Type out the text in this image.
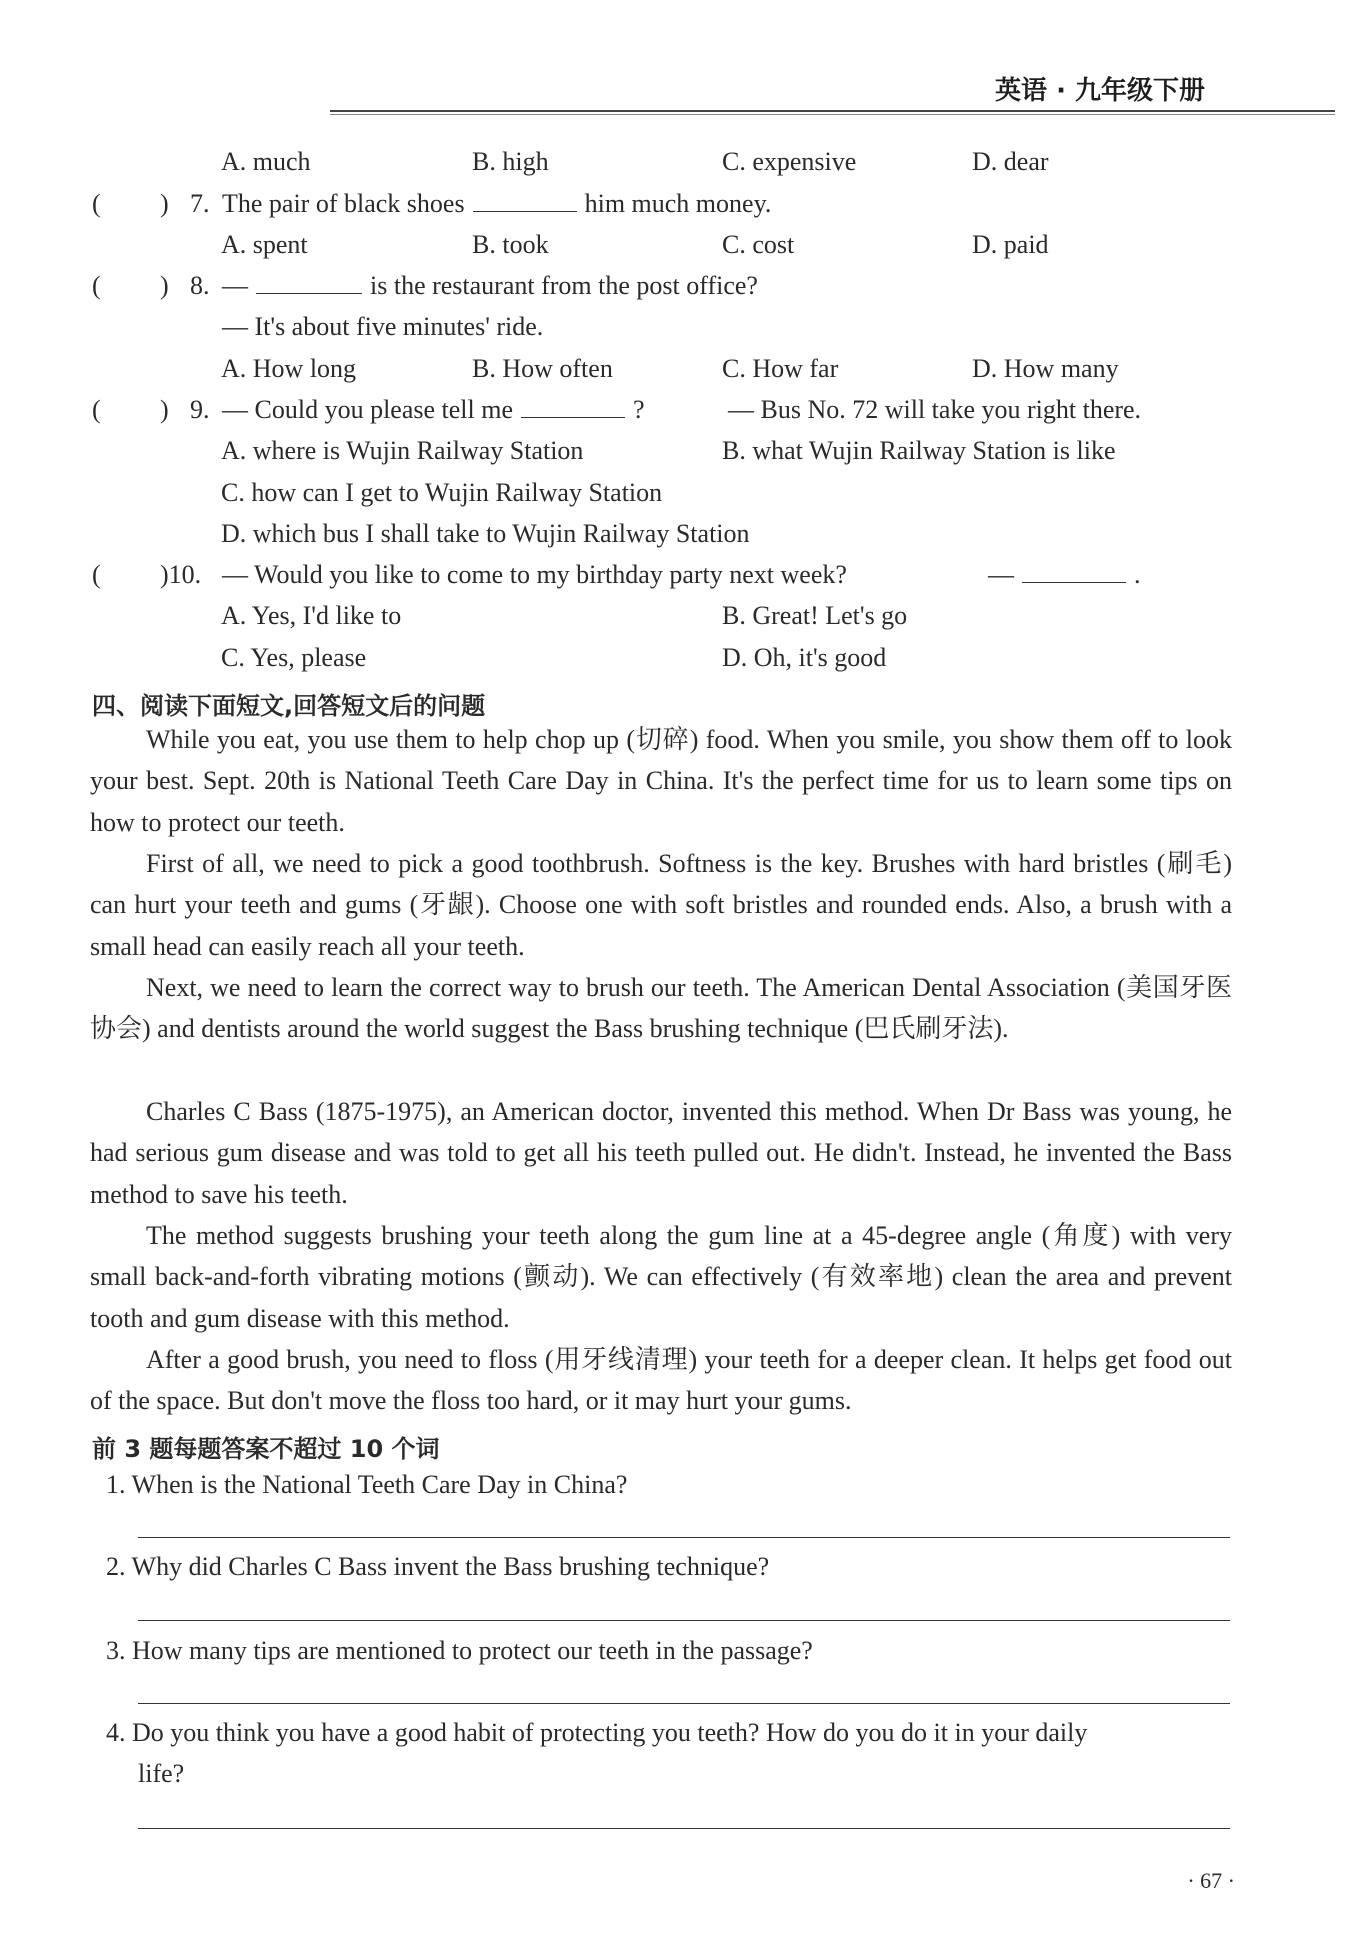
英语 · 九年级下册
A. much	B. high	C. expensive	D. dear
( ) 7. The pair of black shoes	him much money.
A. spent	B. took	C. cost	D. paid
( ) 8. —	is the restaurant from the post office?
— It's about five minutes' ride.
A. How long	B. How often	C. How far	D. How many
( ) 9. — Could you please tell me	?	— Bus No. 72 will take you right there.
A. where is Wujin Railway Station	B. what Wujin Railway Station is like
C. how can I get to Wujin Railway Station
D. which bus I shall take to Wujin Railway Station
( )10. — Would you like to come to my birthday party next week?	—	.
A. Yes, I'd like to	B. Great! Let's go
C. Yes, please	D. Oh, it's good
四、阅读下面短文,回答短文后的问题
While you eat, you use them to help chop up (切碎) food. When you smile, you show them off to look your best. Sept. 20th is National Teeth Care Day in China. It's the perfect time for us to learn some tips on how to protect our teeth.
First of all, we need to pick a good toothbrush. Softness is the key. Brushes with hard bristles (刷毛) can hurt your teeth and gums (牙龈). Choose one with soft bristles and rounded ends. Also, a brush with a small head can easily reach all your teeth.
Next, we need to learn the correct way to brush our teeth. The American Dental Association (美国牙医协会) and dentists around the world suggest the Bass brushing technique (巴氏刷牙法).
Charles C Bass (1875-1975), an American doctor, invented this method. When Dr Bass was young, he had serious gum disease and was told to get all his teeth pulled out. He didn't. Instead, he invented the Bass method to save his teeth.
The method suggests brushing your teeth along the gum line at a 45-degree angle (角度) with very small back-and-forth vibrating motions (颤动). We can effectively (有效率地) clean the area and prevent tooth and gum disease with this method.
After a good brush, you need to floss (用牙线清理) your teeth for a deeper clean. It helps get food out of the space. But don't move the floss too hard, or it may hurt your gums.
前 3 题每题答案不超过 10 个词
1. When is the National Teeth Care Day in China?
2. Why did Charles C Bass invent the Bass brushing technique?
3. How many tips are mentioned to protect our teeth in the passage?
4. Do you think you have a good habit of protecting you teeth? How do you do it in your daily
life?
· 67 ·
